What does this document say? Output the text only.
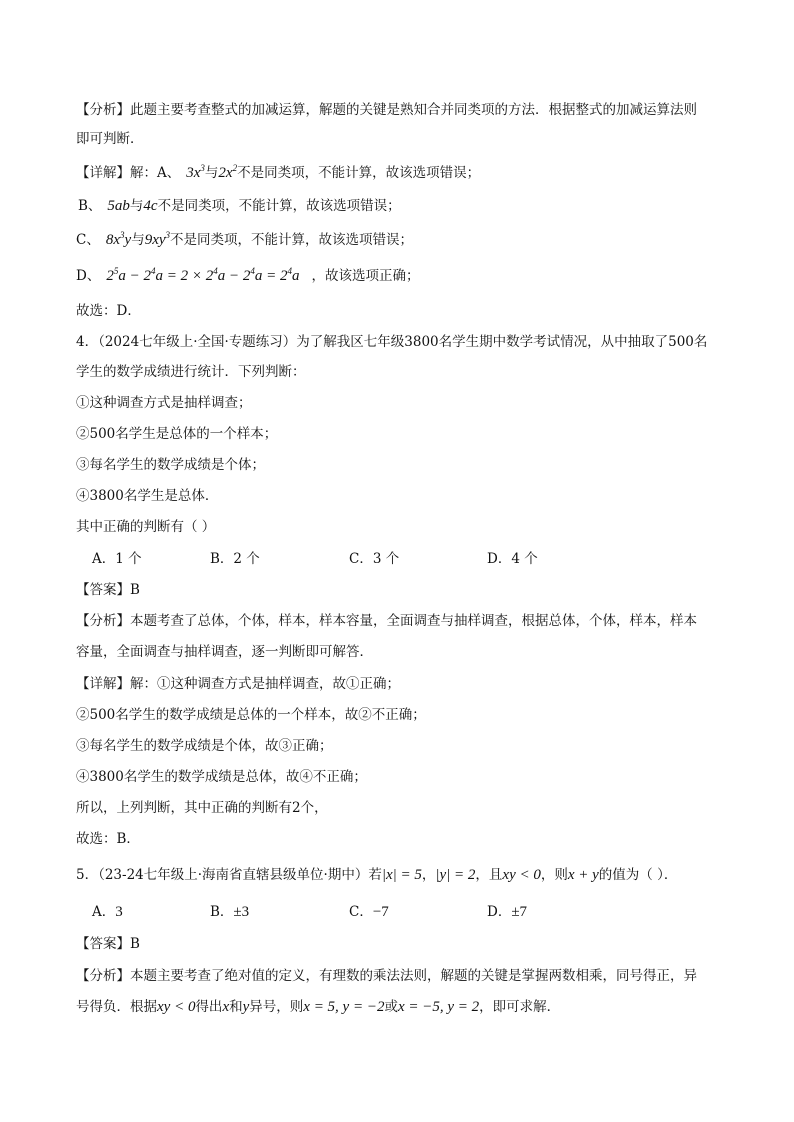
【分析】此题主要考查整式的加减运算，解题的关键是熟知合并同类项的方法．根据整式的加减运算法则
即可判断．
【详解】解：A、 $3x^3$与$2x^2$不是同类项，不能计算，故该选项错误；
B、 5ab与4c不是同类项，不能计算，故该选项错误；
C、 $8x^3y$与$9xy^3$不是同类项，不能计算，故该选项错误；
D、 $2^5a - 2^4a = 2 \times 2^4a - 2^4a = 2^4a$ ，故该选项正确；
故选：D．
4．（2024七年级上·全国·专题练习）为了解我区七年级3800名学生期中数学考试情况，从中抽取了500名
学生的数学成绩进行统计．下列判断：
①这种调查方式是抽样调查；
②500名学生是总体的一个样本；
③每名学生的数学成绩是个体；
④3800名学生是总体．
其中正确的判断有（ ）
A．1 个	B．2 个	C．3 个	D．4 个
【答案】B
【分析】本题考查了总体，个体，样本，样本容量，全面调查与抽样调查，根据总体，个体，样本，样本
容量，全面调查与抽样调查，逐一判断即可解答．
【详解】解：①这种调查方式是抽样调查，故①正确；
②500名学生的数学成绩是总体的一个样本，故②不正确；
③每名学生的数学成绩是个体，故③正确；
④3800名学生的数学成绩是总体，故④不正确；
所以，上列判断，其中正确的判断有2个，
故选：B．
5．（23-24七年级上·海南省直辖县级单位·期中）若|x| = 5，|y| = 2，且xy < 0，则x + y的值为（ ）．
A．3	B．±3	C．−7	D．±7
【答案】B
【分析】本题主要考查了绝对值的定义，有理数的乘法法则，解题的关键是掌握两数相乘，同号得正，异
号得负．根据xy < 0得出x和y异号，则x = 5, y = −2或x = −5, y = 2，即可求解．
